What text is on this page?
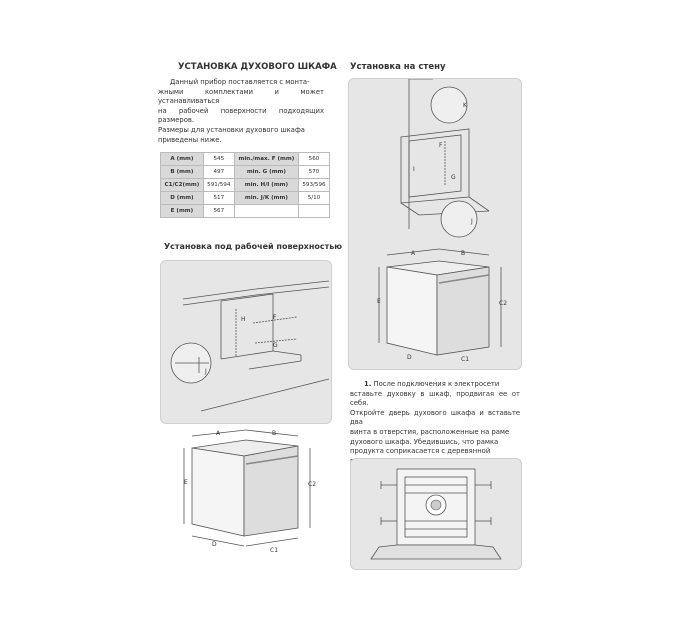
УСТАНОВКА ДУХОВОГО ШКАФА
Данный прибор поставляется с монта-
жными комплектами и может устанавливаться
на рабочей поверхности подходящих размеров.
Размеры для установки духового шкафа
приведены ниже.
A (mm)	545	min./max. F (mm)	560
B (mm)	497	min. G (mm)	570
C1/C2(mm)	591/594	min. H/I (mm)	593/596
D (mm)	517	min. J/K (mm)	5/10
E (mm)	567		
Установка под рабочей поверхностью
H	F
G
J
A	B
E	C2
D
C1
Установка на стену
K
J
F
I
G
A	B
E	C2
D	C1
1. После подключения к электросети
вставьте духовку в шкаф, продвигая ее от себя.
Откройте дверь духового шкафа и вставьте два
винта в отверстия, расположенные на раме
духового шкафа. Убедившись, что рамка
продукта соприкасается с деревянной
